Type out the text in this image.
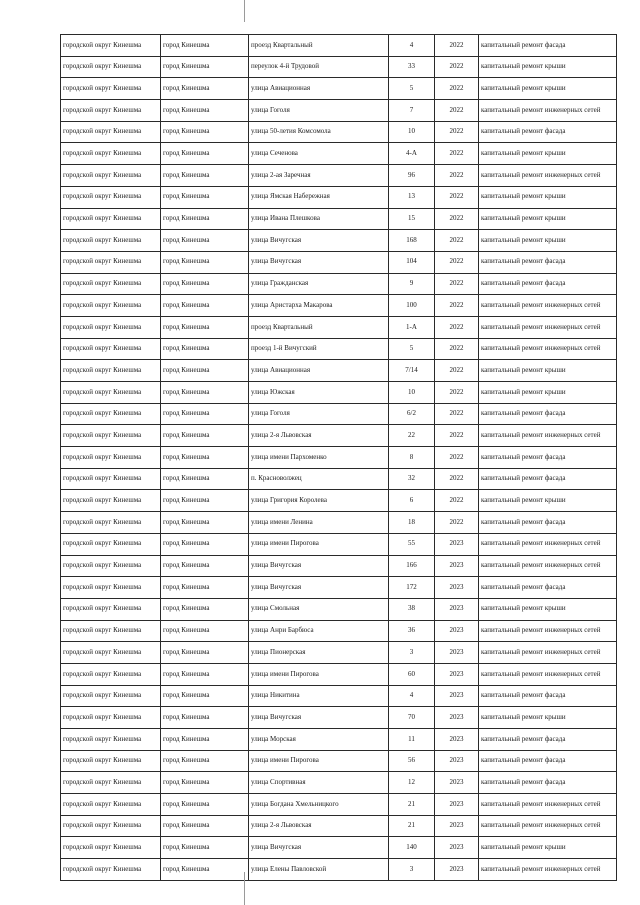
городской округ Кинешма	город Кинешма	проезд Квартальный	4	2022	капитальный ремонт фасада
городской округ Кинешма	город Кинешма	переулок 4-й Трудовой	33	2022	капитальный ремонт крыши
городской округ Кинешма	город Кинешма	улица Авиационная	5	2022	капитальный ремонт крыши
городской округ Кинешма	город Кинешма	улица Гоголя	7	2022	капитальный ремонт инженерных сетей
городской округ Кинешма	город Кинешма	улица 50-летия Комсомола	10	2022	капитальный ремонт фасада
городской округ Кинешма	город Кинешма	улица Сеченова	4-А	2022	капитальный ремонт крыши
городской округ Кинешма	город Кинешма	улица 2-ая Заречная	96	2022	капитальный ремонт инженерных сетей
городской округ Кинешма	город Кинешма	улица Ямская Набережная	13	2022	капитальный ремонт крыши
городской округ Кинешма	город Кинешма	улица Ивана Плешкова	15	2022	капитальный ремонт крыши
городской округ Кинешма	город Кинешма	улица Вичугская	168	2022	капитальный ремонт крыши
городской округ Кинешма	город Кинешма	улица Вичугская	104	2022	капитальный ремонт фасада
городской округ Кинешма	город Кинешма	улица Гражданская	9	2022	капитальный ремонт фасада
городской округ Кинешма	город Кинешма	улица Аристарха Макарова	100	2022	капитальный ремонт инженерных сетей
городской округ Кинешма	город Кинешма	проезд Квартальный	1-А	2022	капитальный ремонт инженерных сетей
городской округ Кинешма	город Кинешма	проезд 1-й Вичугский	5	2022	капитальный ремонт инженерных сетей
городской округ Кинешма	город Кинешма	улица Авиационная	7/14	2022	капитальный ремонт крыши
городской округ Кинешма	город Кинешма	улица Южская	10	2022	капитальный ремонт крыши
городской округ Кинешма	город Кинешма	улица Гоголя	6/2	2022	капитальный ремонт фасада
городской округ Кинешма	город Кинешма	улица 2-я Львовская	22	2022	капитальный ремонт инженерных сетей
городской округ Кинешма	город Кинешма	улица имени Пархоменко	8	2022	капитальный ремонт фасада
городской округ Кинешма	город Кинешма	п. Красноволжец	32	2022	капитальный ремонт фасада
городской округ Кинешма	город Кинешма	улица Григория Королева	6	2022	капитальный ремонт крыши
городской округ Кинешма	город Кинешма	улица имени Ленина	18	2022	капитальный ремонт фасада
городской округ Кинешма	город Кинешма	улица имени Пирогова	55	2023	капитальный ремонт инженерных сетей
городской округ Кинешма	город Кинешма	улица Вичугская	166	2023	капитальный ремонт инженерных сетей
городской округ Кинешма	город Кинешма	улица Вичугская	172	2023	капитальный ремонт фасада
городской округ Кинешма	город Кинешма	улица Смольная	38	2023	капитальный ремонт крыши
городской округ Кинешма	город Кинешма	улица Анри Барбюса	36	2023	капитальный ремонт инженерных сетей
городской округ Кинешма	город Кинешма	улица Пионерская	3	2023	капитальный ремонт инженерных сетей
городской округ Кинешма	город Кинешма	улица имени Пирогова	60	2023	капитальный ремонт инженерных сетей
городской округ Кинешма	город Кинешма	улица Никитина	4	2023	капитальный ремонт фасада
городской округ Кинешма	город Кинешма	улица Вичугская	70	2023	капитальный ремонт крыши
городской округ Кинешма	город Кинешма	улица Морская	11	2023	капитальный ремонт фасада
городской округ Кинешма	город Кинешма	улица имени Пирогова	56	2023	капитальный ремонт фасада
городской округ Кинешма	город Кинешма	улица Спортивная	12	2023	капитальный ремонт фасада
городской округ Кинешма	город Кинешма	улица Богдана Хмельницкого	21	2023	капитальный ремонт инженерных сетей
городской округ Кинешма	город Кинешма	улица 2-я Львовская	21	2023	капитальный ремонт инженерных сетей
городской округ Кинешма	город Кинешма	улица Вичугская	140	2023	капитальный ремонт крыши
городской округ Кинешма	город Кинешма	улица Елены Павловской	3	2023	капитальный ремонт инженерных сетей
